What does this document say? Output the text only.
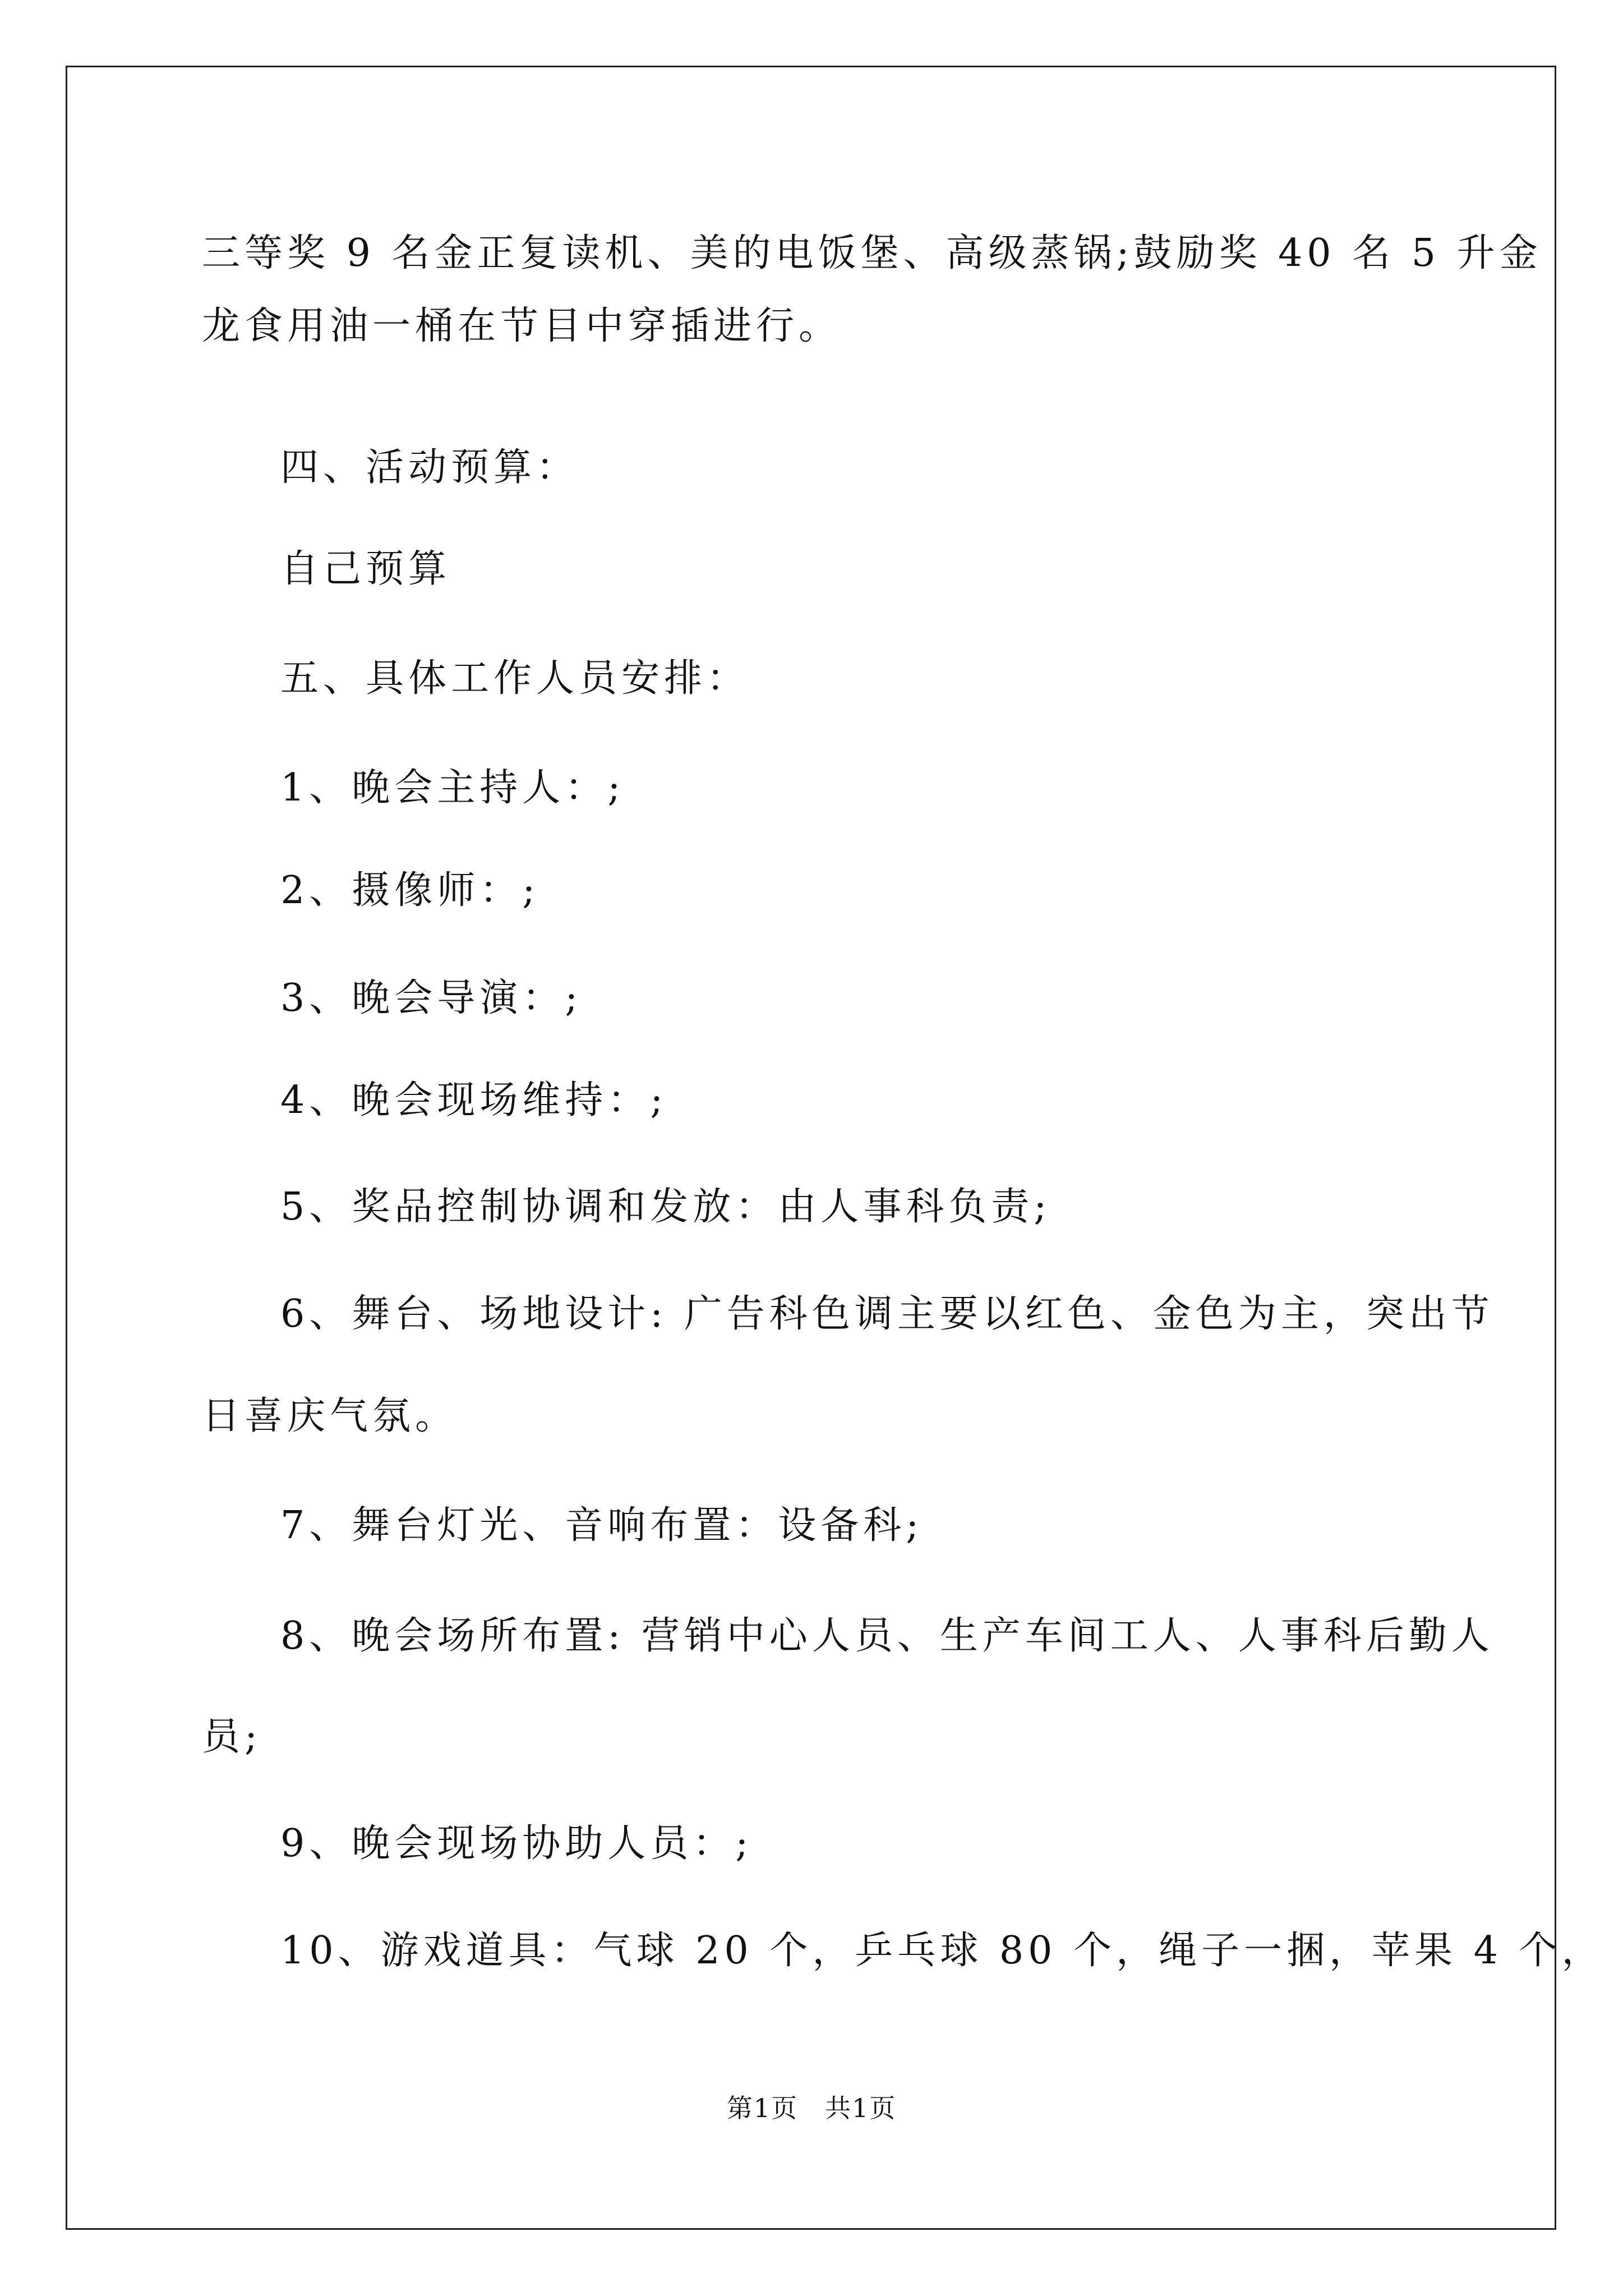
三等奖 9 名金正复读机、美的电饭堡、高级蒸锅;鼓励奖 40 名 5 升金
龙食用油一桶在节目中穿插进行。
四、活动预算：
自己预算
五、具体工作人员安排：
1、晚会主持人：;
2、摄像师：;
3、晚会导演：;
4、晚会现场维持：;
5、奖品控制协调和发放：由人事科负责;
6、舞台、场地设计: 广告科色调主要以红色、金色为主，突出节
日喜庆气氛。
7、舞台灯光、音响布置：设备科;
8、晚会场所布置: 营销中心人员、生产车间工人、人事科后勤人
员;
9、晚会现场协助人员：;
10、游戏道具：气球 20 个，乒乓球 80 个，绳子一捆，苹果 4 个，
第1页　共1页
